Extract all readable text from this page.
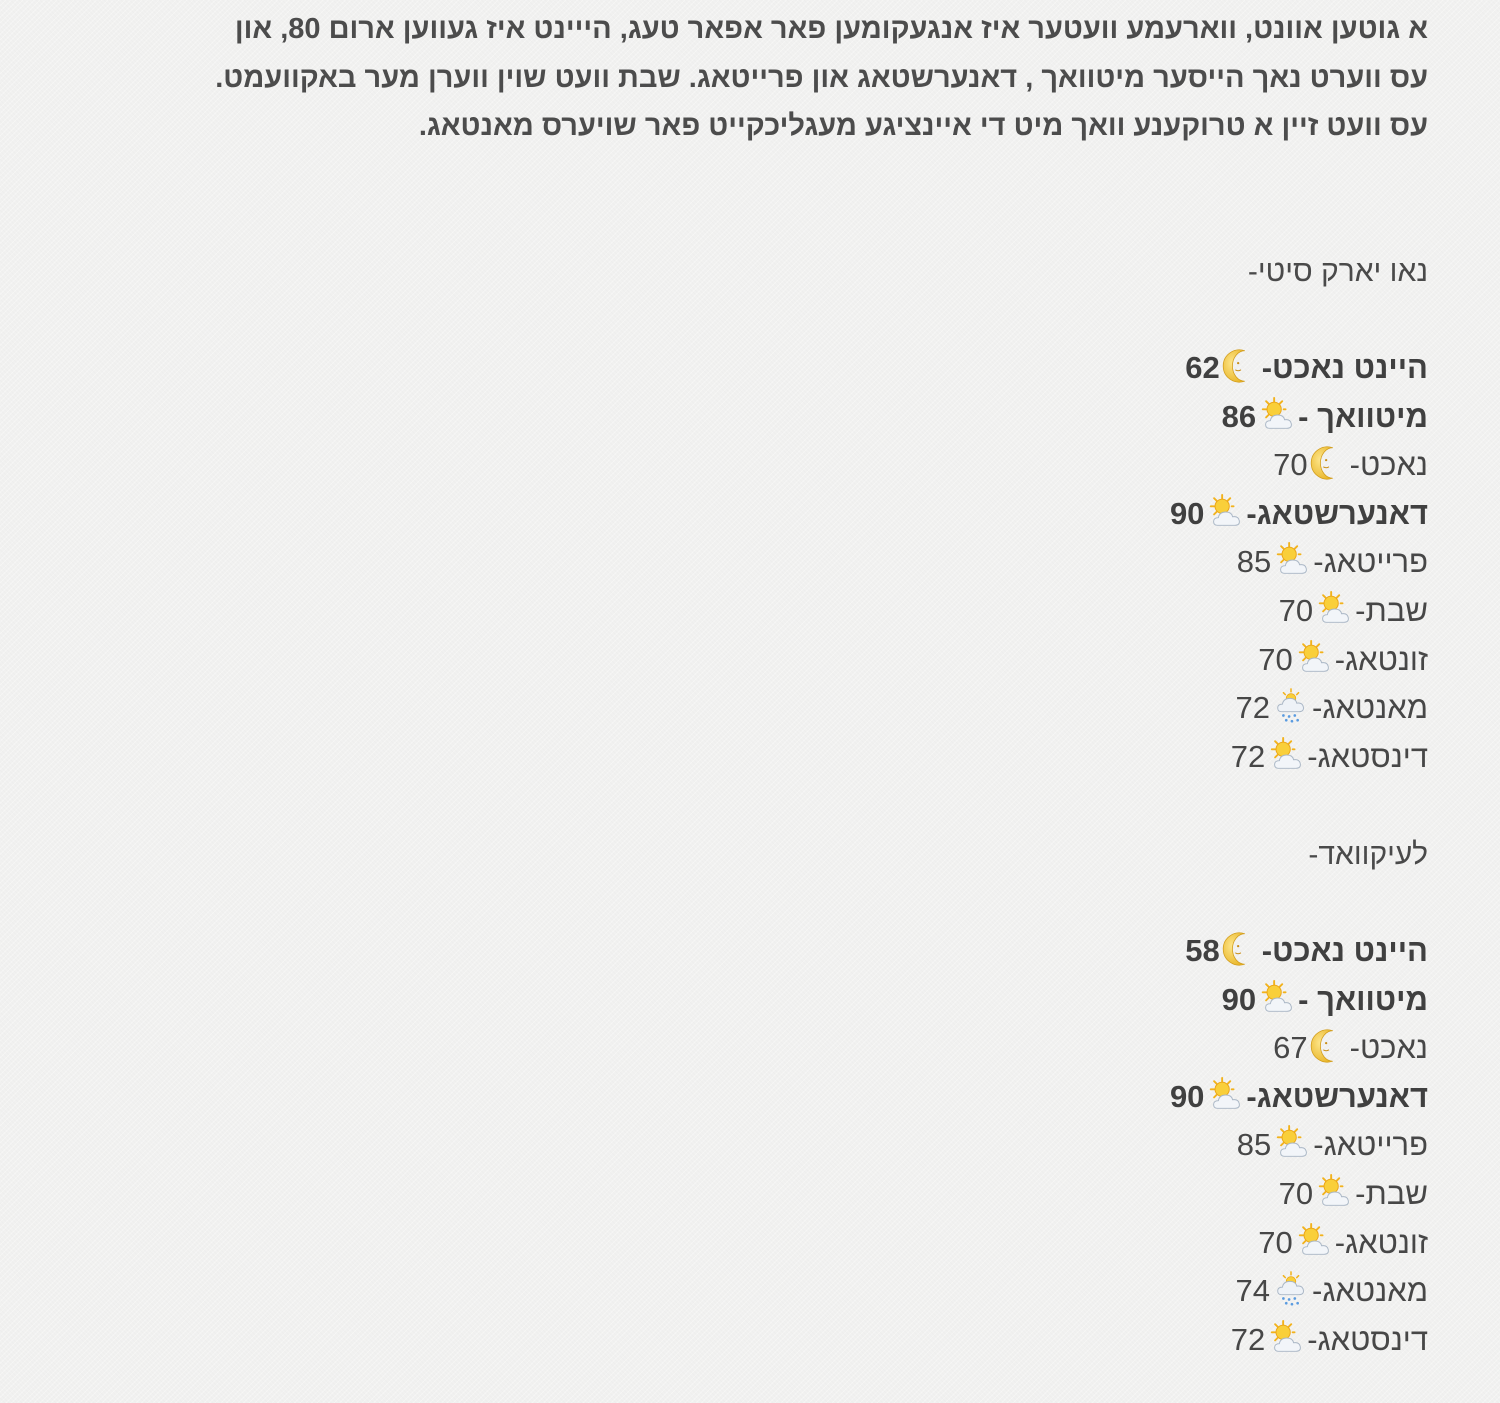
א גוטען אוונט, ווארעמע וועטער איז אנגעקומען פאר אפאר טעג, הייינט איז געווען ארום 80, און
עס ווערט נאך הייסער מיטוואך , דאנערשטאג און פרייטאג. שבת וועט שוין ווערן מער באקוועמט.
עס וועט זיין א טרוקענע וואך מיט די איינציגע מעגליכקייט פאר שויערס מאנטאג.
נאו יארק סיטי-
היינט נאכט-
62
מיטוואך -
86
נאכט-
70
דאנערשטאג-
90
פרייטאג-
85
שבת-
70
זונטאג-
70
מאנטאג-
72
דינסטאג-
72
לעיקוואד-
היינט נאכט-
58
מיטוואך -
90
נאכט-
67
דאנערשטאג-
90
פרייטאג-
85
שבת-
70
זונטאג-
70
מאנטאג-
74
דינסטאג-
72
